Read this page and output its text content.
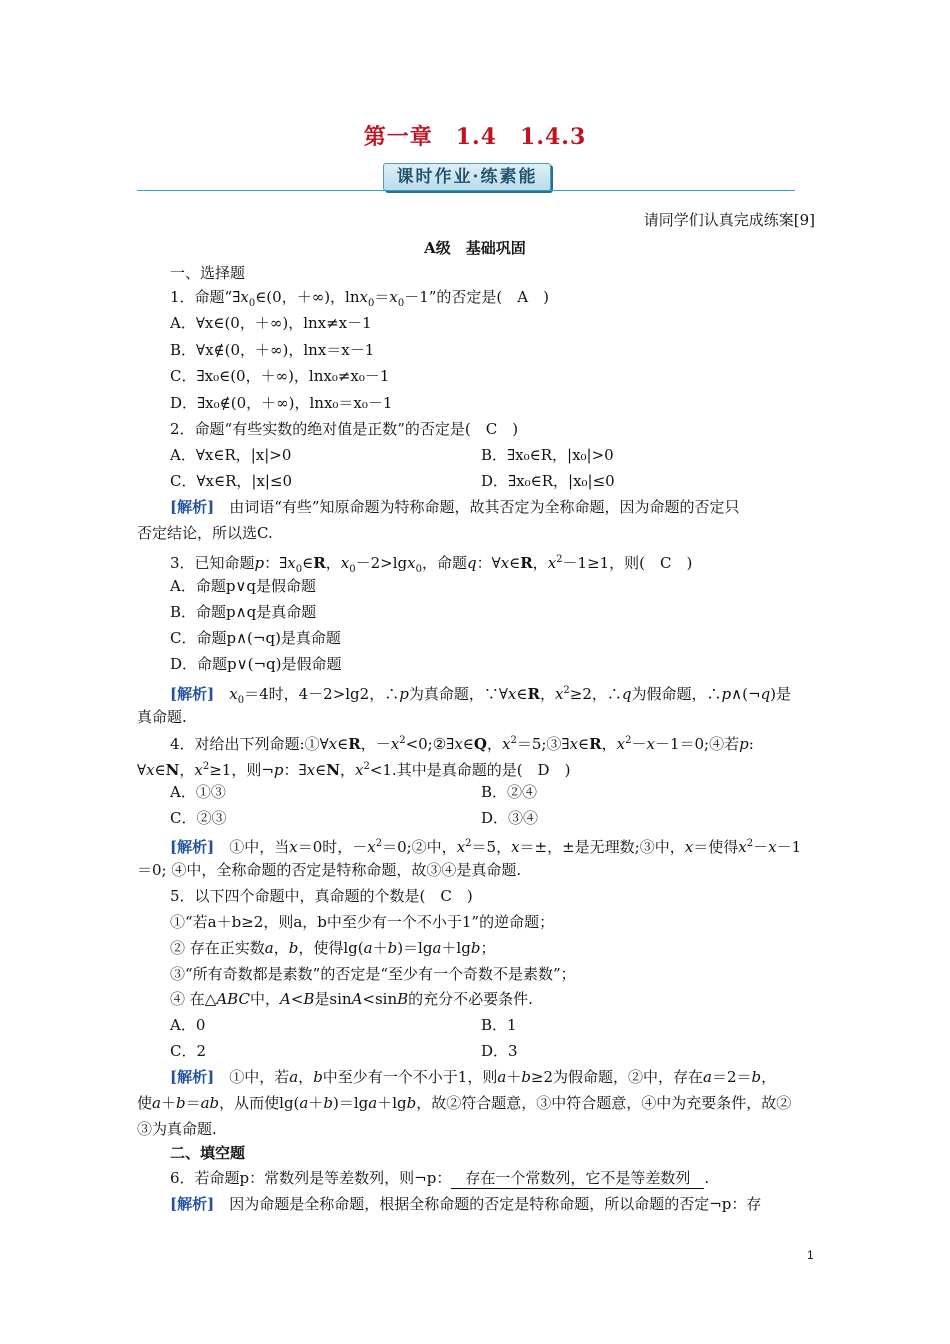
第一章　1.4　1.4.3
课时作业·练素能
请同学们认真完成练案[9]
A级　基础巩固
一、选择题
1．命题“$\exists x_0\in(0$，＋∞)，$\ln x_0=x_0-1$”的否定是(　A　)
A．∀x∈(0，＋∞)，lnx≠x－1
B．∀x∉(0，＋∞)，lnx＝x－1
C．∃x₀∈(0，＋∞)，lnx₀≠x₀－1
D．∃x₀∉(0，＋∞)，lnx₀＝x₀－1
2．命题“有些实数的绝对值是正数”的否定是(　C　)
A．∀x∈R，|x|>0	B．∃x₀∈R，|x₀|>0
C．∀x∈R，|x|≤0	D．∃x₀∈R，|x₀|≤0
[解析]　 由词语“有些”知原命题为特称命题，故其否定为全称命题，因为命题的否定只
否定结论，所以选C.
3．已知命题p：$\exists x_0\in R$，$x_0-2>\lg x_0$，命题q：∀x∈R，$x^2-1\ge 1$，则(　C　)
A．命题p∨q是假命题
B．命题p∧q是真命题
C．命题p∧(¬q)是真命题
D．命题p∨(¬q)是假命题
[解析]　 $x_0=4$时，4－2>lg2，∴p为真命题，∵∀x∈R，$x^2\ge 2$，∴q为假命题，∴p∧(¬q)是
真命题.
4．对给出下列命题:①∀x∈R，$-x^2<0;②\exists x\in Q$，$x^2=5;③\exists x\in R$，$x^2-x-1=0;④$若p:
∀x∈N，$x^2\ge 1$，则¬p：∃x∈N，$x^2<1$.其中是真命题的是(　D　)
A．①③	B．②④
C．②③	D．③④
[解析]　①中，当x＝0时，$-x^2=0;②$中，$x^2=5$，x＝±，±是无理数;③中，x＝使得$x^2-x-1$
＝0; ④中，全称命题的否定是特称命题，故③④是真命题.
5．以下四个命题中，真命题的个数是(　C　)
①“若a＋b≥2，则a，b中至少有一个不小于1”的逆命题；
② 存在正实数a，b，使得lg(a＋b)＝lga＋lgb；
③“所有奇数都是素数”的否定是“至少有一个奇数不是素数”；
④ 在△ABC中，A<B是sinA<sinB的充分不必要条件.
A．0	B．1
C．2	D．3
[解析]　①中，若a，b中至少有一个不小于1，则a＋b≥2为假命题，②中，存在a＝2＝b，
使a＋b＝ab，从而使lg(a＋b)＝lga＋lgb，故②符合题意，③中符合题意，④中为充要条件，故②
③为真命题.
二、填空题
6．若命题p：常数列是等差数列，则¬p： 存在一个常数列，它不是等差数列 .
[解析]　 因为命题是全称命题，根据全称命题的否定是特称命题，所以命题的否定¬p：存
1
